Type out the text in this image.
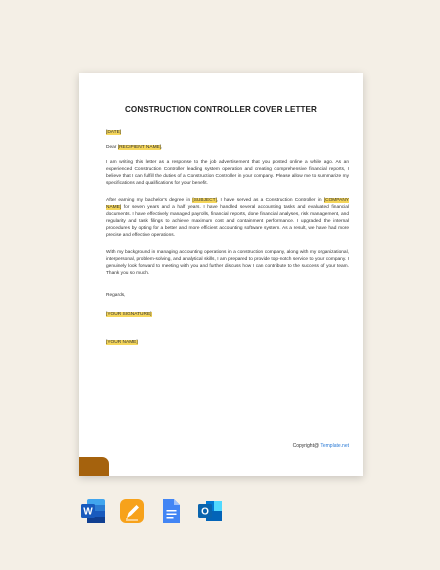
CONSTRUCTION CONTROLLER COVER LETTER

[DATE]

Dear [RECIPIENT NAME],

I am writing this letter as a response to the job advertisement that you posted online a while ago. As an experienced Construction Controller leading system operation and creating comprehensive financial reports, I believe that I can fulfill the duties of a Construction Controller in your company. Please allow me to summarize my specifications and qualifications for your benefit.

After earning my bachelor's degree in [SUBJECT], I have served as a Construction Controller in [COMPANY NAME] for seven years and a half years. I have handled several accounting tasks and evaluated financial documents. I have effectively managed payrolls, financial reports, done financial analyses, risk management, and regularity and task filings to achieve maximum cost and containment performance. I upgraded the internal procedures by opting for a better and more efficient accounting software system. As a result, we have had more precise and effective operations.

With my background in managing accounting operations in a construction company, along with my organizational, interpersonal, problem-solving, and analytical skills, I am prepared to provide top-notch service to your company. I genuinely look forward to meeting with you and further discuss how I can contribute to the success of your team. Thank you so much.

Regards,

[YOUR SIGNATURE]

[YOUR NAME]

Copyright@ Template.net
W	O
